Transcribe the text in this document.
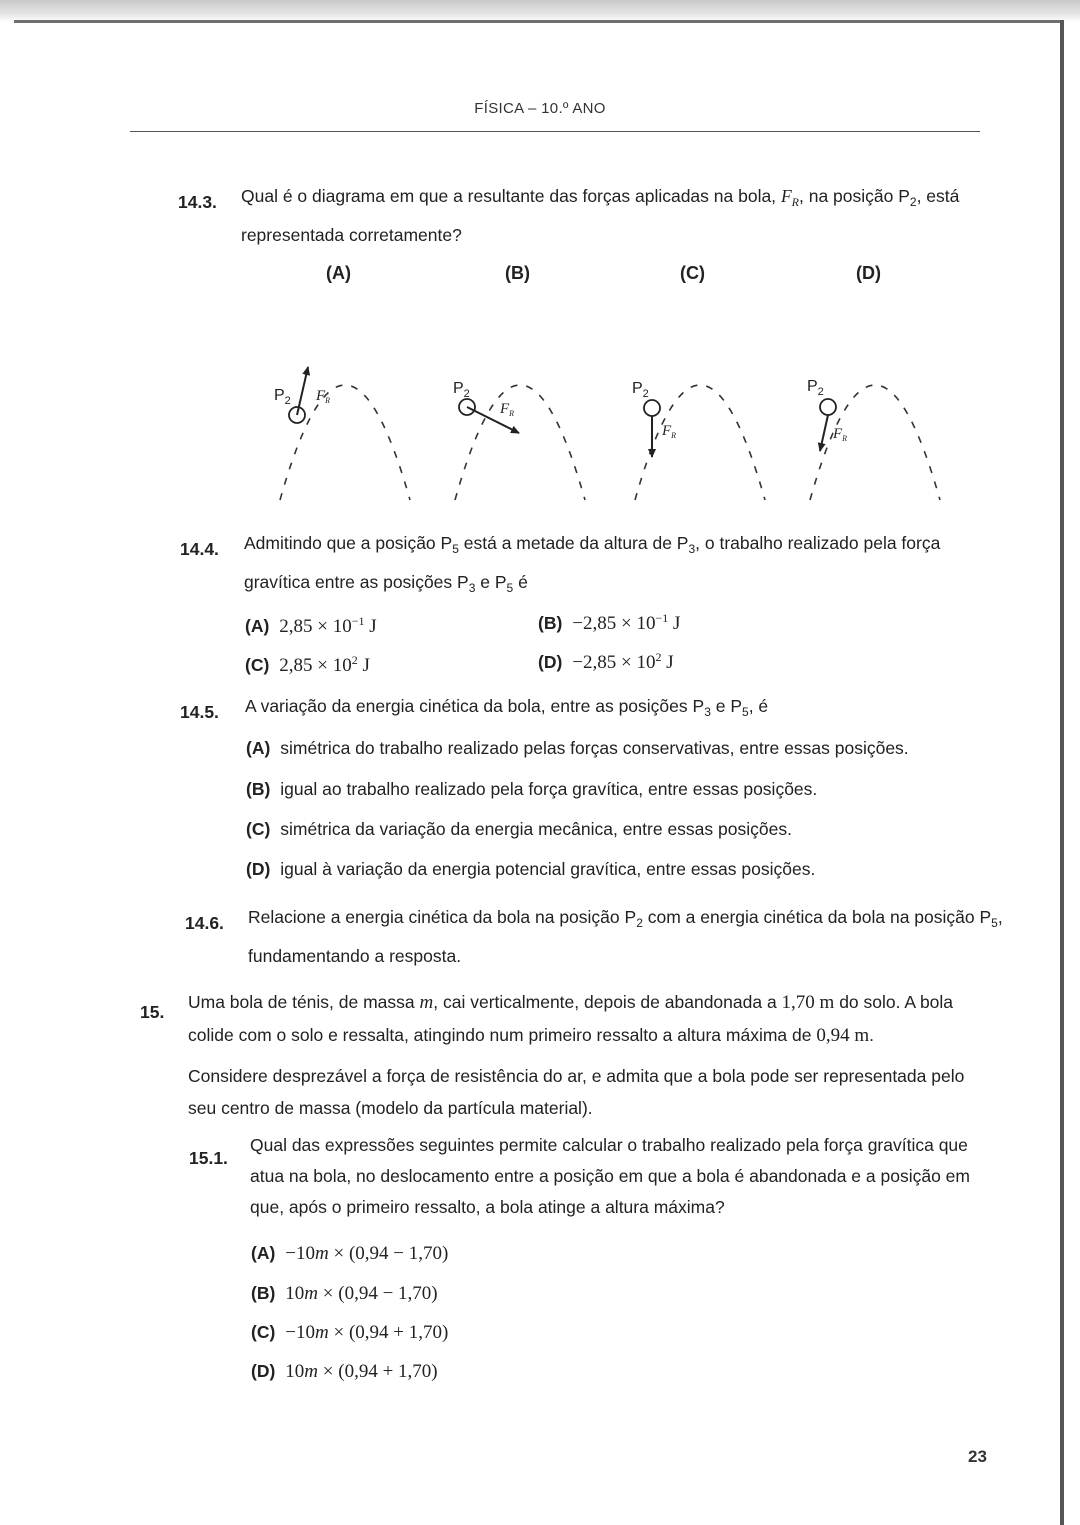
FÍSICA – 10.º ANO
14.3. Qual é o diagrama em que a resultante das forças aplicadas na bola, $F_R$, na posição $P_2$, está
representada corretamente?
(A)	(B)	(C)	(D)
$P_2$ $F_R$
$P_2$
$F_R$
$P_2$
$F_R$
$P_2$
$F_R$
14.4. Admitindo que a posição $P_5$ está a metade da altura de $P_3$, o trabalho realizado pela força
gravítica entre as posições $P_3$ e $P_5$ é
(A) $2,85 \times 10^{-1}$ J	$(B) -2,85 \times 10^{-1}$ J
(C) $2,85 \times 10^2$ J	$(D) -2,85 \times 10^2$ J
14.5. A variação da energia cinética da bola, entre as posições $P_3$ e $P_5$, é
(A) simétrica do trabalho realizado pelas forças conservativas, entre essas posições.
(B) igual ao trabalho realizado pela força gravítica, entre essas posições.
(C) simétrica da variação da energia mecânica, entre essas posições.
(D) igual à variação da energia potencial gravítica, entre essas posições.
14.6. Relacione a energia cinética da bola na posição $P_2$ com a energia cinética da bola na posição $P_5$,
fundamentando a resposta.
15. Uma bola de ténis, de massa m, cai verticalmente, depois de abandonada a 1,70 m do solo. A bola
colide com o solo e ressalta, atingindo num primeiro ressalto a altura máxima de 0,94 m.
Considere desprezável a força de resistência do ar, e admita que a bola pode ser representada pelo
seu centro de massa (modelo da partícula material).
15.1.
Qual das expressões seguintes permite calcular o trabalho realizado pela força gravítica que
atua na bola, no deslocamento entre a posição em que a bola é abandonada e a posição em
que, após o primeiro ressalto, a bola atinge a altura máxima?
(A) −10m × (0,94 − 1,70)
(B) 10m × (0,94 − 1,70)
(C) −10m × (0,94 + 1,70)
(D) 10m × (0,94 + 1,70)
23
